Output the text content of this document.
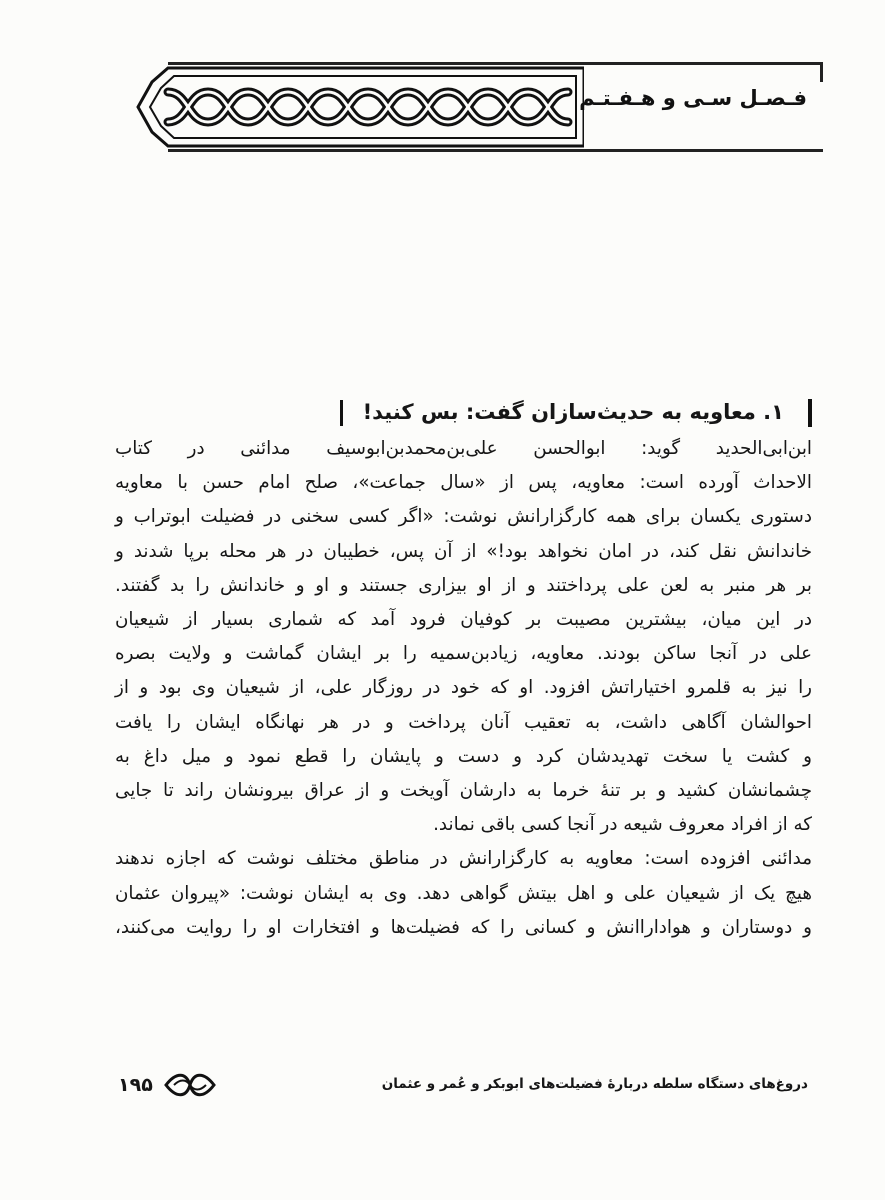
فـصـل سـی و هـفـتـم
۱. معاویه به حدیث‌سازان گفت: بس کنید!

ابن‌ابی‌الحدید گوید: ابوالحسن علی‌بن‌محمدبن‌ابوسیف مدائنی در کتاب

الاحداث آورده است: معاویه، پس از «سال جماعت»، صلح امام حسن با معاویه

دستوری یکسان برای همه کارگزارانش نوشت: «اگر کسی سخنی در فضیلت ابوتراب و

خاندانش نقل کند، در امان نخواهد بود!» از آن پس، خطیبان در هر محله برپا شدند و

بر هر منبر به لعن علی پرداختند و از او بیزاری جستند و او و خاندانش را بد گفتند.

در این میان، بیشترین مصیبت بر کوفیان فرود آمد که شماری بسیار از شیعیان

علی در آنجا ساکن بودند. معاویه، زیادبن‌سمیه را بر ایشان گماشت و ولایت بصره

را نیز به قلمرو اختیاراتش افزود. او که خود در روزگار علی، از شیعیان وی بود و از

احوالشان آگاهی داشت، به تعقیب آنان پرداخت و در هر نهانگاه ایشان را یافت

و کشت یا سخت تهدیدشان کرد و دست و پایشان را قطع نمود و میل داغ به

چشمانشان کشید و بر تنهٔ خرما به دارشان آویخت و از عراق بیرونشان راند تا جایی

که از افراد معروف شیعه در آنجا کسی باقی نماند.

مدائنی افزوده است: معاویه به کارگزارانش در مناطق مختلف نوشت که اجازه ندهند

هیچ یک از شیعیان علی و اهل بیتش گواهی دهد. وی به ایشان نوشت: «پیروان عثمان

و دوستاران و هواداراانش و کسانی را که فضیلت‌ها و افتخارات او را روایت می‌کنند،

۱۹۵	دروغ‌های دستگاه سلطه دربارهٔ فضیلت‌های ابوبکر و عُمر و عثمان
